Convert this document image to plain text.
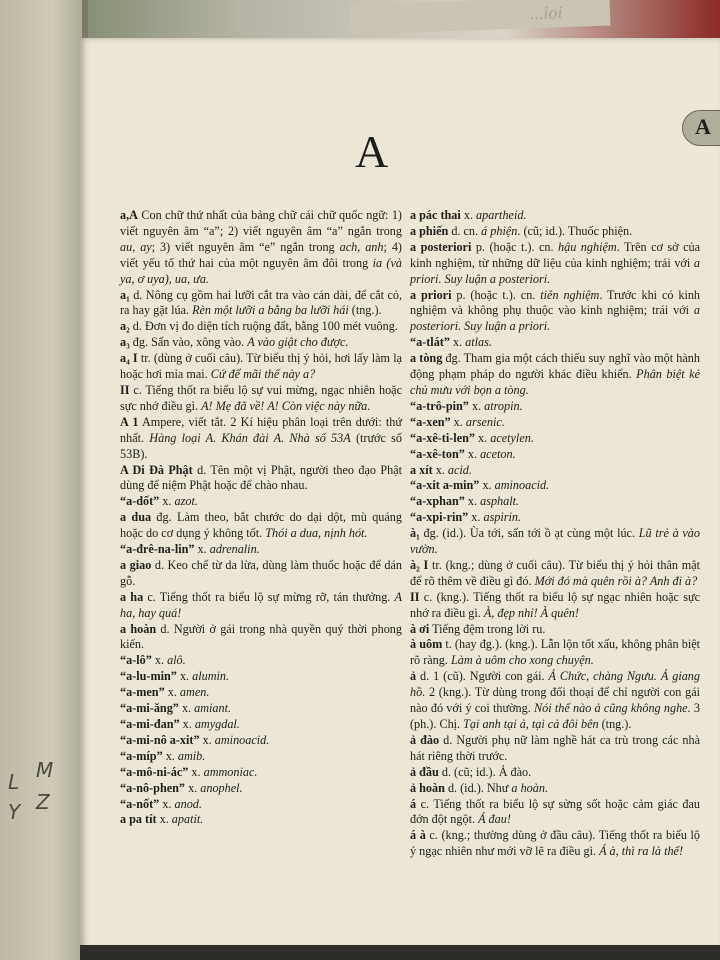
...ioi
L M
Y Z
A
A

a,A Con chữ thứ nhất của bảng chữ cái chữ quốc ngữ: 1) viết nguyên âm “a”; 2) viết nguyên âm “a” ngắn trong au, ay; 3) viết nguyên âm “e” ngắn trong ach, anh; 4) viết yếu tố thứ hai của một nguyên âm đôi trong ia (và ya, ơ uya), ua, ưa.

a₁ d. Nông cụ gồm hai lưỡi cắt tra vào cán dài, để cắt cỏ, ra hay gặt lúa. Rèn một lưỡi a bằng ba lưỡi hái (tng.).

a₂ d. Đơn vị đo diện tích ruộng đất, bằng 100 mét vuông.

a₃ đg. Sấn vào, xông vào. A vào giật cho được.

a₄ I tr. (dùng ở cuối câu). Từ biểu thị ý hỏi, hơi lấy làm lạ hoặc hơi mỉa mai. Cứ để mãi thế này a?

II c. Tiếng thốt ra biểu lộ sự vui mừng, ngạc nhiên hoặc sực nhớ điều gì. A! Mẹ đã về! A! Còn việc này nữa.

A 1 Ampere, viết tắt. 2 Kí hiệu phân loại trên dưới: thứ nhất. Hàng loại A. Khán đài A. Nhà số 53A (trước số 53B).

A Di Đà Phật d. Tên một vị Phật, người theo đạo Phật dùng để niệm Phật hoặc để chào nhau.

“a-dốt” x. azot.

a dua đg. Làm theo, bắt chước do dại dột, mù quáng hoặc do cơ dụng ý không tốt. Thói a dua, nịnh hót.

“a-đrê-na-lin” x. adrenalin.

a giao d. Keo chế từ da lừa, dùng làm thuốc hoặc để dán gỗ.

a ha c. Tiếng thốt ra biểu lộ sự mừng rỡ, tán thưởng. A ha, hay quá!

a hoàn d. Người ở gái trong nhà quyền quý thời phong kiến.

“a-lô” x. alô.

“a-lu-min” x. alumin.

“a-men” x. amen.

“a-mi-ăng” x. amiant.

“a-mi-đan” x. amygdal.

“a-mi-nô a-xit” x. aminoacid.

“a-míp” x. amib.

“a-mô-ni-ác” x. ammoniac.

“a-nô-phen” x. anophel.

“a-nốt” x. anod.

a pa tít x. apatit.

a pác thai x. apartheid.

a phiến d. cn. á phiện. (cũ; id.). Thuốc phiện.

a posteriori p. (hoặc t.). cn. hậu nghiệm. Trên cơ sở của kinh nghiệm, từ những dữ liệu của kinh nghiệm; trái với a priori. Suy luận a posteriori.

a priori p. (hoặc t.). cn. tiên nghiệm. Trước khi có kinh nghiệm và không phụ thuộc vào kinh nghiệm; trái với a posteriori. Suy luận a priori.

“a-tlát” x. atlas.

a tòng đg. Tham gia một cách thiếu suy nghĩ vào một hành động phạm pháp do người khác điều khiển. Phân biệt kẻ chủ mưu với bọn a tòng.

“a-trô-pin” x. atropin.

“a-xen” x. arsenic.

“a-xê-ti-len” x. acetylen.

“a-xê-ton” x. aceton.

a xít x. acid.

“a-xit a-min” x. aminoacid.

“a-xphan” x. asphalt.

“a-xpi-rin” x. aspirin.

à₁ đg. (id.). Ùa tới, sấn tới ồ ạt cùng một lúc. Lũ trẻ à vào vườn.

à₂ I tr. (kng.; dùng ở cuối câu). Từ biểu thị ý hỏi thân mật để rõ thêm về điều gì đó. Mới đó mà quên rồi à? Anh đi à?

II c. (kng.). Tiếng thốt ra biểu lộ sự ngạc nhiên hoặc sực nhớ ra điều gì. À, đẹp nhỉ! À quên!

à ơi Tiếng đệm trong lời ru.

à uôm t. (hay đg.). (kng.). Lẫn lộn tốt xấu, không phân biệt rõ ràng. Làm à uôm cho xong chuyện.

ả d. 1 (cũ). Người con gái. Ả Chức, chàng Ngưu. Ả giang hồ. 2 (kng.). Từ dùng trong đối thoại để chỉ người con gái nào đó với ý coi thường. Nói thế nào ả cũng không nghe. 3 (ph.). Chị. Tại anh tại ả, tại cả đôi bên (tng.).

ả đào d. Người phụ nữ làm nghề hát ca trù trong các nhà hát riêng thời trước.

ả đầu d. (cũ; id.). Ả đào.

ả hoàn d. (id.). Như a hoàn.

á c. Tiếng thốt ra biểu lộ sự sửng sốt hoặc cảm giác đau đớn đột ngột. Á đau!

á à c. (kng.; thường dùng ở đầu câu). Tiếng thốt ra biểu lộ ý ngạc nhiên như mới vỡ lẽ ra điều gì. Á à, thì ra là thế!
